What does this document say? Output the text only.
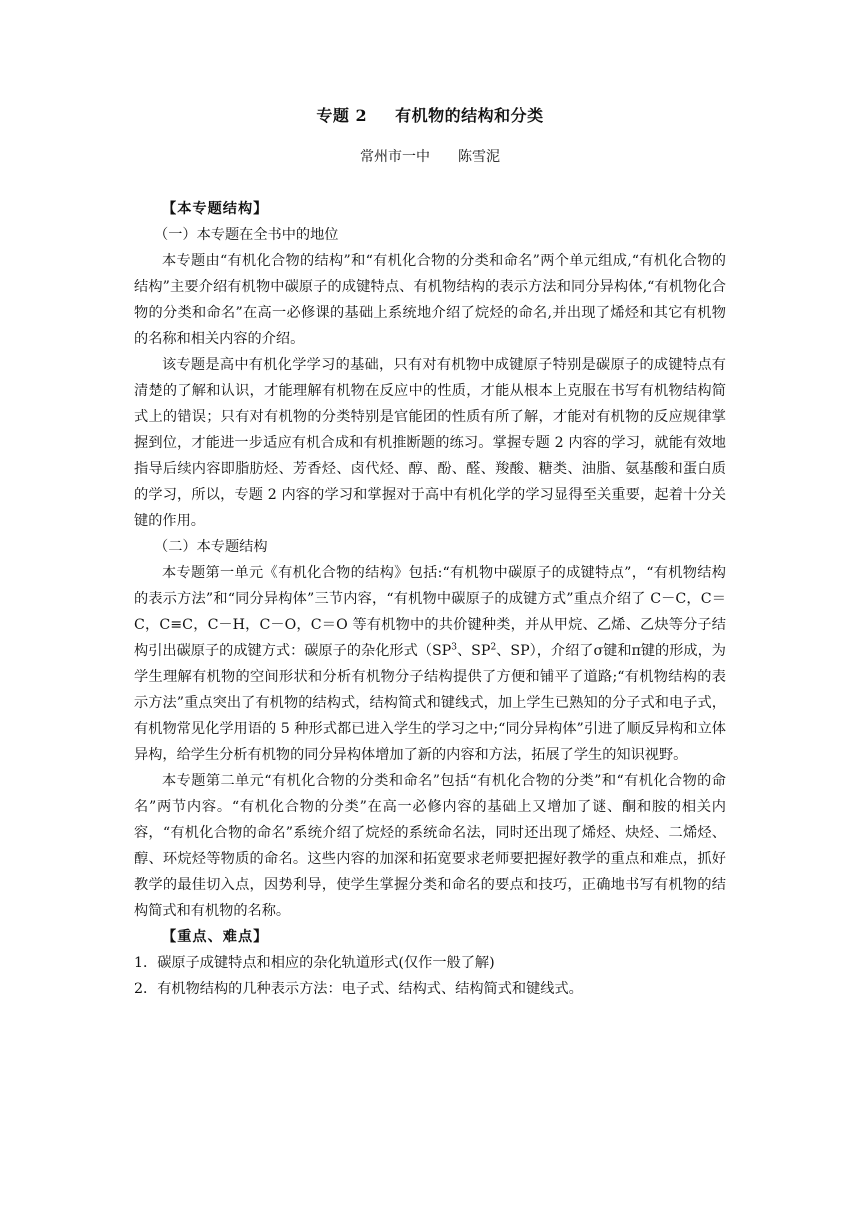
专题 2 有机物的结构和分类
常州市一中 陈雪泥

【本专题结构】

（一）本专题在全书中的地位

本专题由“有机化合物的结构”和“有机化合物的分类和命名”两个单元组成,“有机化合物的结构”主要介绍有机物中碳原子的成键特点、有机物结构的表示方法和同分异构体,“有机物化合物的分类和命名”在高一必修课的基础上系统地介绍了烷烃的命名,并出现了烯烃和其它有机物的名称和相关内容的介绍。

该专题是高中有机化学学习的基础，只有对有机物中成键原子特别是碳原子的成键特点有清楚的了解和认识，才能理解有机物在反应中的性质，才能从根本上克服在书写有机物结构简式上的错误；只有对有机物的分类特别是官能团的性质有所了解，才能对有机物的反应规律掌握到位，才能进一步适应有机合成和有机推断题的练习。掌握专题 2 内容的学习，就能有效地指导后续内容即脂肪烃、芳香烃、卤代烃、醇、酚、醛、羧酸、糖类、油脂、氨基酸和蛋白质的学习，所以，专题 2 内容的学习和掌握对于高中有机化学的学习显得至关重要，起着十分关键的作用。

（二）本专题结构

本专题第一单元《有机化合物的结构》包括:“有机物中碳原子的成键特点”，“有机物结构的表示方法”和“同分异构体”三节内容，“有机物中碳原子的成键方式”重点介绍了 C－C，C＝C，C≡C，C－H，C－O，C＝O 等有机物中的共价键种类，并从甲烷、乙烯、乙炔等分子结构引出碳原子的成键方式：碳原子的杂化形式（$SP^3$、$SP^2$、SP），介绍了σ键和π键的形成，为学生理解有机物的空间形状和分析有机物分子结构提供了方便和铺平了道路;“有机物结构的表示方法”重点突出了有机物的结构式，结构简式和键线式，加上学生已熟知的分子式和电子式，有机物常见化学用语的 5 种形式都已进入学生的学习之中;“同分异构体”引进了顺反异构和立体异构，给学生分析有机物的同分异构体增加了新的内容和方法，拓展了学生的知识视野。

本专题第二单元“有机化合物的分类和命名”包括“有机化合物的分类”和“有机化合物的命名”两节内容。“有机化合物的分类”在高一必修内容的基础上又增加了谜、酮和胺的相关内容，“有机化合物的命名”系统介绍了烷烃的系统命名法，同时还出现了烯烃、炔烃、二烯烃、醇、环烷烃等物质的命名。这些内容的加深和拓宽要求老师要把握好教学的重点和难点，抓好教学的最佳切入点，因势利导，使学生掌握分类和命名的要点和技巧，正确地书写有机物的结构简式和有机物的名称。

【重点、难点】

1．碳原子成键特点和相应的杂化轨道形式(仅作一般了解)

2．有机物结构的几种表示方法：电子式、结构式、结构简式和键线式。
